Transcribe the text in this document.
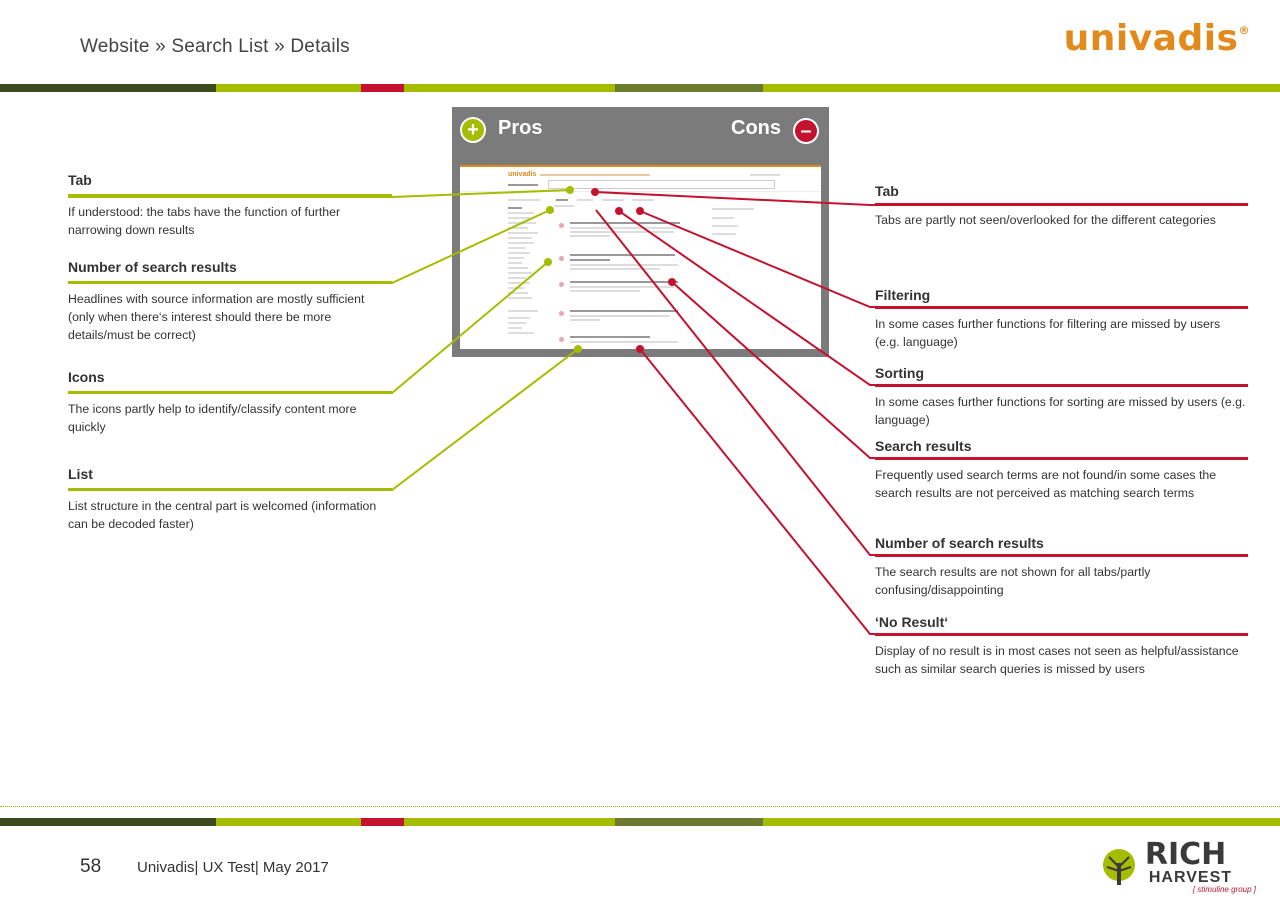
Website » Search List » Details	univadis®
Tab
If understood: the tabs have the function of further narrowing down results
Number of search results
Headlines with source information are mostly sufficient (only when there‘s interest should there be more details/must be correct)
Icons
The icons partly help to identify/classify content more quickly
List
List structure in the central part is welcomed (information can be decoded faster)
Tab
Tabs are partly not seen/overlooked for the different categories
Filtering
In some cases further functions for filtering are missed by users (e.g. language)
Sorting
In some cases further functions for sorting are missed by users (e.g. language)
Search results
Frequently used search terms are not found/in some cases the search results are not perceived as matching search terms
Number of search results
The search results are not shown for all tabs/partly confusing/disappointing
‘No Result‘
Display of no result is in most cases not seen as helpful/assistance such as similar search queries is missed by users
+ Pros	Cons –
univadis
58 Univadis| UX Test| May 2017	RICH
HARVEST
[ stimuline group ]
